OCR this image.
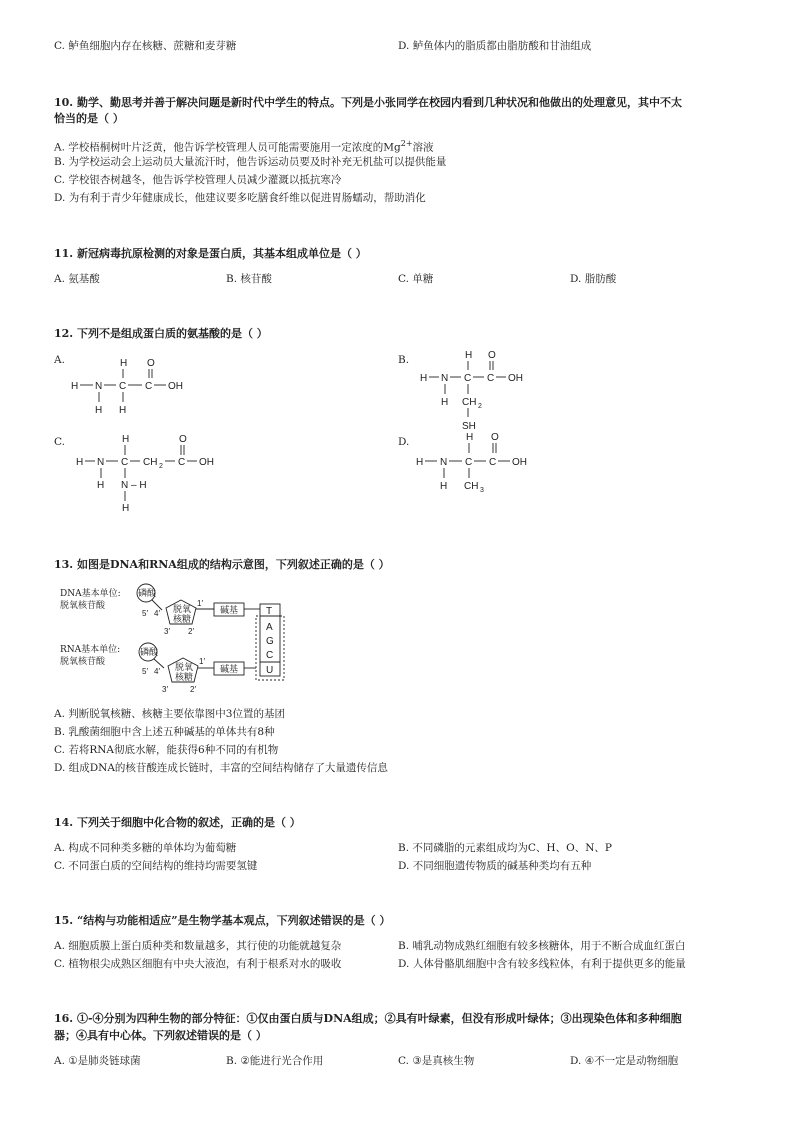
C. 鲈鱼细胞内存在核糖、蔗糖和麦芽糖	D. 鲈鱼体内的脂质都由脂肪酸和甘油组成
10. 勤学、勤思考并善于解决问题是新时代中学生的特点。下列是小张同学在校园内看到几种状况和他做出的处理意见，其中不太
恰当的是（ ）
A. 学校梧桐树叶片泛黄，他告诉学校管理人员可能需要施用一定浓度的$Mg^{2+}$溶液
B. 为学校运动会上运动员大量流汗时，他告诉运动员要及时补充无机盐可以提供能量
C. 学校银杏树越冬，他告诉学校管理人员减少灌溉以抵抗寒冷
D. 为有利于青少年健康成长，他建议要多吃膳食纤维以促进胃肠蠕动，帮助消化
11. 新冠病毒抗原检测的对象是蛋白质，其基本组成单位是（ ）
A. 氨基酸	B. 核苷酸	C. 单糖	D. 脂肪酸
12. 下列不是组成蛋白质的氨基酸的是（ ）
A.	B.
C.	D.
H O
H N C C OH
H H
H O
H N C C OH
H CH 2
SH
H	O
H N C CH 2 C OH
H N – H
H
H O
H N C C OH
H CH 3
13. 如图是DNA和RNA组成的结构示意图，下列叙述正确的是（ ）
DNA基本单位:
脱氧核苷酸
磷酸
5′ 4′ 脱氧
核糖
3′ 2′
1′
碱基	T
A
G
C
U
RNA基本单位:
脱氧核苷酸
磷酸
5′ 4′ 脱氧
核糖
3′	2′
1′
碱基
A. 判断脱氧核糖、核糖主要依靠图中3位置的基团
B. 乳酸菌细胞中含上述五种碱基的单体共有8种
C. 若将RNA彻底水解，能获得6种不同的有机物
D. 组成DNA的核苷酸连成长链时，丰富的空间结构储存了大量遗传信息
14. 下列关于细胞中化合物的叙述，正确的是（ ）
A. 构成不同种类多糖的单体均为葡萄糖	B. 不同磷脂的元素组成均为C、H、O、N、P
C. 不同蛋白质的空间结构的维持均需要氢键	D. 不同细胞遗传物质的碱基种类均有五种
15. “结构与功能相适应”是生物学基本观点，下列叙述错误的是（ ）
A. 细胞质膜上蛋白质种类和数量越多，其行使的功能就越复杂	B. 哺乳动物成熟红细胞有较多核糖体，用于不断合成血红蛋白
C. 植物根尖成熟区细胞有中央大液泡，有利于根系对水的吸收	D. 人体骨骼肌细胞中含有较多线粒体，有利于提供更多的能量
16. ①-④分别为四种生物的部分特征：①仅由蛋白质与DNA组成；②具有叶绿素，但没有形成叶绿体；③出现染色体和多种细胞
器；④具有中心体。下列叙述错误的是（ ）
A. ①是肺炎链球菌	B. ②能进行光合作用	C. ③是真核生物	D. ④不一定是动物细胞
